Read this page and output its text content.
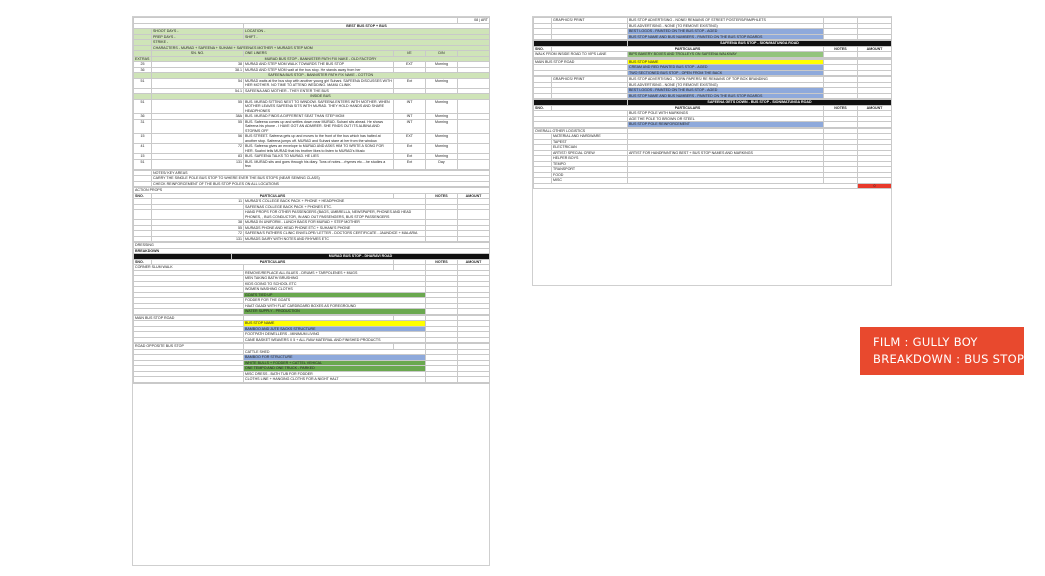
						08 | ART
			BEST BUS STOP + BUS			
	SHOOT DAYS -		LOCATION -			
	PREP DAYS -		SHIFT -			
	STRIKE -					
	CHARACTERS - MURAD + SAFEENA + SUHANI + SAFEENA'S MOTHER + MURADS STEP MOM					
	SN. NO.		ONE LINERS	I/E	D/N	
EXTRAS	MURAD BUS STOP - BANNISTER PATH FIX NAKE - OLD FACTORY					
25	38		MURAD AND STEP MOM WALK TOWARDS THE BUS STOP	EXT	Morning	
36	38.1		MURAD AND STEP MOM wait at the bus stop. He stands away from her			
	SAFEENA BUS STOP - BANNISTER PATH FIX NAKE - COTTON					
51	54		MURAD waits at the bus stop with another young girl Suhani. SAFEENA DISCUSSES WITH HER MOTHER. NO TIME TO ATTEND WEDDING. MAMU CLINIK	Ext	Morning	
	54.1		SAFEENA AND MOTHER - THEY ENTER THE BUS			
	INSIDE BUS					
51	55		BUS. MURAD SITTING NEXT TO WINDOW. SAFEENA ENTERS WITH MOTHER. WHEN MOTHER LEAVES SAFEENA SITS WITH MURAD. THEY HOLD HANDS AND SHARE HEADPHONES	INT	Morning	
36	38A		BUS. MURAD FINDS A DIFFERENT SEAT THAN STEP MOM	INT	Morning	
31	55		BUS. Safeena comes up and settles down near MURAD. Suhani sits ahead. He shows Safeena his phone - I HAVE GOT AN ADMIRER. SHE FINDS OUT ITS ALBINA AND STORMS OFF	INT	Morning	
15	56		BUS STREET. Safeena gets up and moves to the front of the bus which has halted at another stop. Safeena jumps off. MURAD and Suhani stare at her from the window.	EXT	Morning	
41	72		BUS. Safeena gives an envelope to MURAD AND ASKS HIM TO WRITE A SONG FOR HER. Suahni tells MURAD that his brother likes to listen to MURAD's Music	Ext	Morning	
15	83		BUS. SAFEENA TALKS TO MURAD. HE LIES	Ext	Morning	
51	131		BUS. MURAD sits and goes through his diary. Tons of notes....rhymes etc....he studies a few.	Ext	Day	

	NOTES/ KEY AREAS					
	CARRY THE SINGLE POLE BUS STOP TO WHERE EVER THE BUS STOPS (NEAR SEWING CLASS)					
	CHECK REINFORCEMENT OF THE BUS STOP POLES ON ALL LOCATIONS					

ACTION PROPS						
SNO.	PARTICULARS				NOTES	AMOUNT
	11		MURAD'S COLLEGE BACK PACK + PHONE + HEADPHONE			
			SAFEENAS COLLEGE BACK PACK + PHONES ETC.			
			HAND PROPS FOR OTHER PASSENGERS (BAGS, UMBRELLA, NEWSPAPER, PHONES AND HEAD PHONES, , BUS CONDUCTOR, IN AND OUT PASSENGERS, BUS STOP PASSENGERS			
	38		MURAD IN UNIFORM - LUNCH BAGS FOR MURAD + STEP MOTHER			
	55		MURADS PHONE AND HEAD PHONE ETC + SUHANI'S PHONE			
	72		SAFEENA'S FATHERS CLINIC ENVELOPE/ LETTER - DOCTORS CERTIFICATE - JAUNDICE + MALARIA			
	131		MURADS DAIRY WITH NOTES AND RHYMES ETC			

DRESSING						
BREAKDOWN						
		MURAD BUS STOP - DHARAVI ROAD				
SNO.	PARTICULARS				NOTES	AMOUNT
CORNER SLUM WALK						
			REMOVE/REPLACE ALL BLUES - DRUMS + TARPOLENES + MUGS			
			MEN TAKING BATH/ BRUSHING			
			KIDS GOING TO SCHOOL ETC			
			WOMEN WASHING CLOTHS			
			GOATS TIED UP			
			FODDER FOR THE GOATS			
			HAAT GAADI WITH FLAT CARDBOARD BOXES AS FOREGROUND			
			WATER SUPPLY - PRODUCTION			

MAIN BUS STOP ROAD						
			BUS STOP NAME			
			BAMBOO AND JUTE SACKS STRUCTURE			
			FOOTPATH DEWELLERS - MINIMUM LIVING			
			CANE BASKET WEAVERS X 5 + ALL RAW MATERIAL AND FINISHED PRODUCTS			

ROAD OPPOSITE BUS STOP						
			CATTLE SHED			
			BAMBOO FOR STRUCTURE			
			WHITE BULLS + FODDER + CATTEL VEHICAL			
			ONE TEMPO AND ONE TRUCK - PARKED			
			MISC DRESS - BATH TUB FOR FODDER			
			CLOTHS LINE + HANGING CLOTHS FOR A NIGHT HALT			

	GRAPHICS/ PRINT	BUS STOP ADVERTISING - NONE/ REMAINS OF STREET POSTERS/PAMPHLETS		
		BUS ADVERTISING - NONE (TO REMOVE EXISTING)		
		BEST LOGOS - PAINTED ON THE BUS STOP - AGED		
		BUS STOP NAME AND BUS NUMBERS - PAINTED ON THE BUS STOP BOARDS		

		SAFEENA BUS STOP - SION/MATUNGA ROAD		
SNO.	PARTICULARS		NOTES	AMOUNT
WALK FROM INSIDE ROAD TO VIPS LANE		BIPS BAKERY BOXES AND TROLLEYS ON SAFEENA WALKWAY		

MAIN BUS STOP ROAD		BUS STOP NAME		
		CREAM AND RED PAINTED BUS STOP - AGED		
		TWO SECTIONED BUS STOP - OPEN FROM THE BACK		

	GRAPHICS/ PRINT	BUS STOP ADVERTISING - TORN PAPERS/ RE REMAINS OF TOP BOX BRANDING		
		BUS ADVERTISING - NONE (TO REMOVE EXISTING)		
		BEST LOGOS - PAINTED ON THE BUS STOP - AGED		
		BUS STOP NAME AND BUS NUMBERS - PAINTED ON THE BUS STOP BOARDS		

		SAFEENA GETS DOWN - BUS STOP - SION/MATUNGA ROAD		
SNO.	PARTICULARS		NOTES	AMOUNT
		BUS STOP POLE WITH MARKINGS		
		AGE THE POLE TO BROWN OR STEEL		
		BUS STOP POLE REINFORCEMENT		

OVERALL OTHER LOGISTICS				
	MATERIAL AND HARDWARE			
	TAPEST			
	ELECTRICIAN			
	ARTIST/ SPECIAL CREW	ARTIST FOR HANDPAINTING BEST + BUS STOP NAMES AND MARKINGS		
	HELPER BOYS			
	TEMPO			
	TRANSPORT			
	FOOD			
	MISC			
				0
FILM : GULLY BOY
BREAKDOWN : BUS STOP (S)
